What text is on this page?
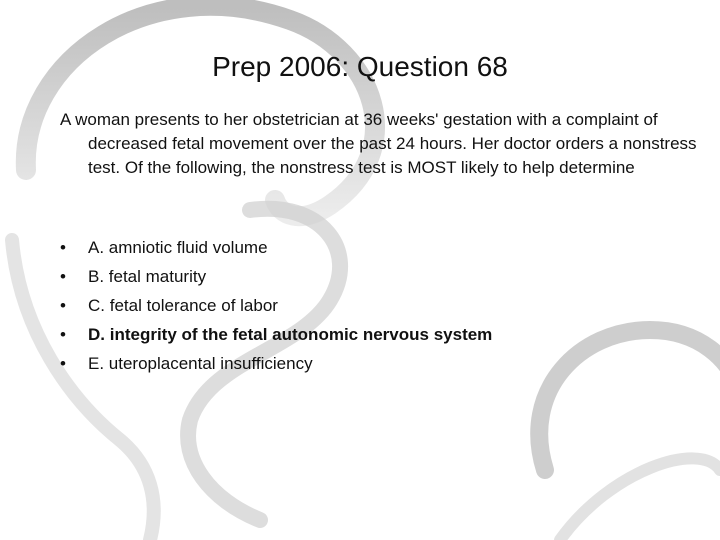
Prep 2006: Question 68
A woman presents to her obstetrician at 36 weeks' gestation with a complaint of decreased fetal movement over the past 24 hours. Her doctor orders a nonstress test. Of the following, the nonstress test is MOST likely to help determine
• A. amniotic fluid volume
• B. fetal maturity
• C. fetal tolerance of labor
• D. integrity of the fetal autonomic nervous system
• E. uteroplacental insufficiency
